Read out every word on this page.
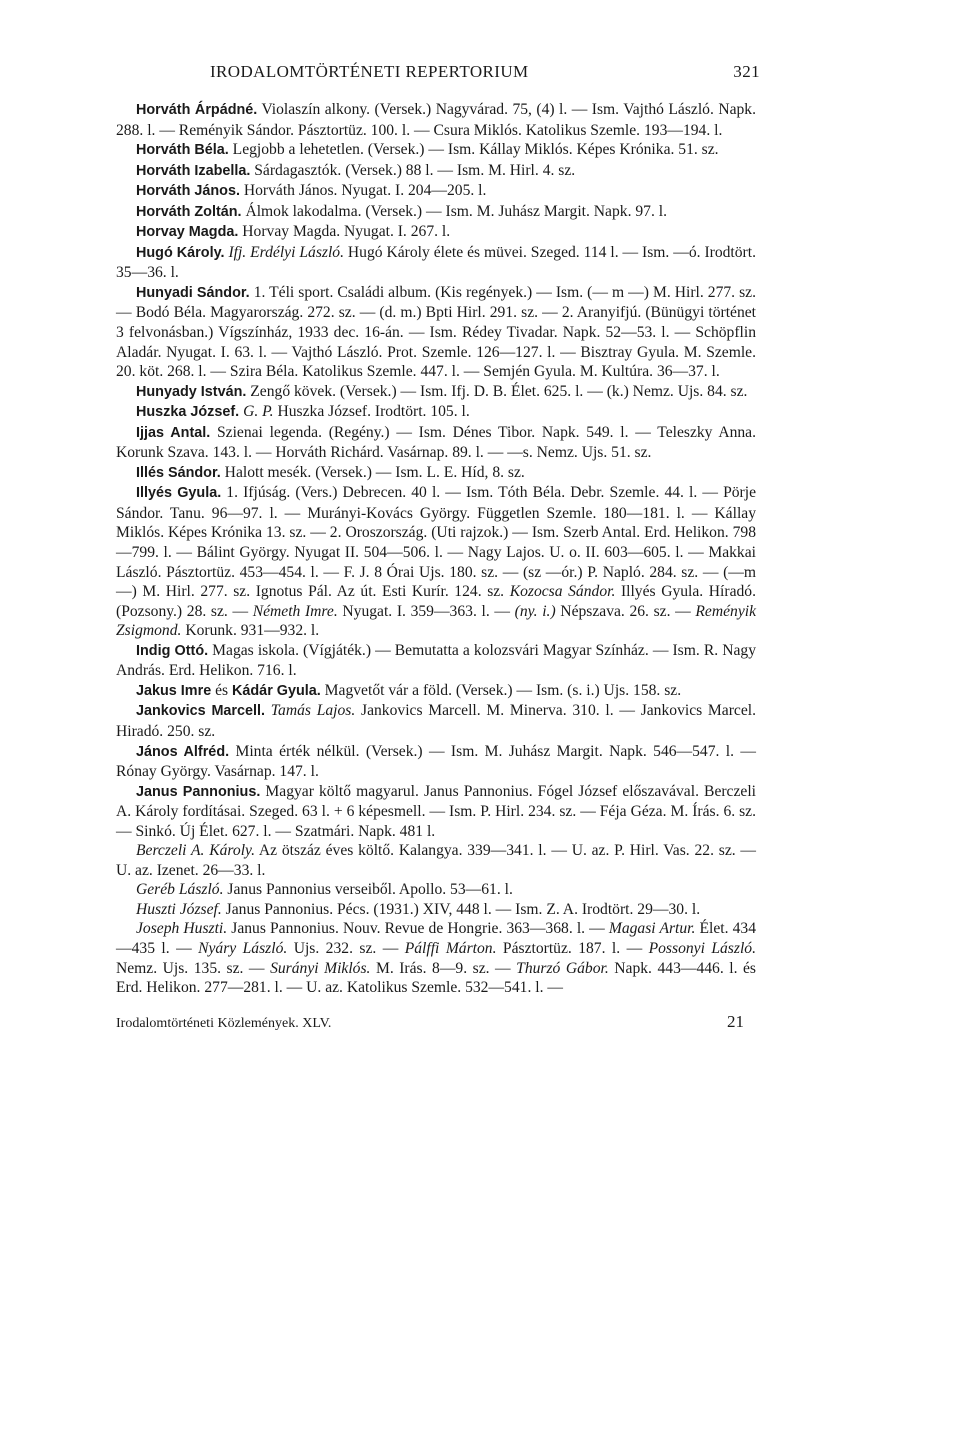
IRODALOMTÖRTÉNETI REPERTORIUM	321

Horváth Árpádné. Violaszín alkony. (Versek.) Nagyvárad. 75, (4) l. — Ism. Vajthó László. Napk. 288. l. — Reményik Sándor. Pásztortüz. 100. l. — Csura Miklós. Katolikus Szemle. 193—194. l.

Horváth Béla. Legjobb a lehetetlen. (Versek.) — Ism. Kállay Miklós. Képes Krónika. 51. sz.

Horváth Izabella. Sárdagasztók. (Versek.) 88 l. — Ism. M. Hirl. 4. sz.

Horváth János. Horváth János. Nyugat. I. 204—205. l.

Horváth Zoltán. Álmok lakodalma. (Versek.) — Ism. M. Juhász Margit. Napk. 97. l.

Horvay Magda. Horvay Magda. Nyugat. I. 267. l.

Hugó Károly. Ifj. Erdélyi László. Hugó Károly élete és müvei. Szeged. 114 l. — Ism. —ó. Irodtört. 35—36. l.

Hunyadi Sándor. 1. Téli sport. Családi album. (Kis regények.) — Ism. (— m —) M. Hirl. 277. sz. — Bodó Béla. Magyarország. 272. sz. — (d. m.) Bpti Hirl. 291. sz. — 2. Aranyifjú. (Bünügyi történet 3 felvonásban.) Vígszínház, 1933 dec. 16-án. — Ism. Rédey Tivadar. Napk. 52—53. l. — Schöpflin Aladár. Nyugat. I. 63. l. — Vajthó László. Prot. Szemle. 126—127. l. — Bisztray Gyula. M. Szemle. 20. köt. 268. l. — Szira Béla. Katolikus Szemle. 447. l. — Semjén Gyula. M. Kultúra. 36—37. l.

Hunyady István. Zengő kövek. (Versek.) — Ism. Ifj. D. B. Élet. 625. l. — (k.) Nemz. Ujs. 84. sz.

Huszka József. G. P. Huszka József. Irodtört. 105. l.

Ijjas Antal. Szienai legenda. (Regény.) — Ism. Dénes Tibor. Napk. 549. l. — Teleszky Anna. Korunk Szava. 143. l. — Horváth Richárd. Vasárnap. 89. l. — —s. Nemz. Ujs. 51. sz.

Illés Sándor. Halott mesék. (Versek.) — Ism. L. E. Híd, 8. sz.

Illyés Gyula. 1. Ifjúság. (Vers.) Debrecen. 40 l. — Ism. Tóth Béla. Debr. Szemle. 44. l. — Pörje Sándor. Tanu. 96—97. l. — Murányi-Kovács György. Független Szemle. 180—181. l. — Kállay Miklós. Képes Krónika 13. sz. — 2. Oroszország. (Uti rajzok.) — Ism. Szerb Antal. Erd. Helikon. 798—799. l. — Bálint György. Nyugat II. 504—506. l. — Nagy Lajos. U. o. II. 603—605. l. — Makkai László. Pásztortüz. 453—454. l. — F. J. 8 Órai Ujs. 180. sz. — (sz —ór.) P. Napló. 284. sz. — (—m—) M. Hirl. 277. sz. Ignotus Pál. Az út. Esti Kurír. 124. sz. Kozocsa Sándor. Illyés Gyula. Híradó. (Pozsony.) 28. sz. — Németh Imre. Nyugat. I. 359—363. l. — (ny. i.) Népszava. 26. sz. — Reményik Zsigmond. Korunk. 931—932. l.

Indig Ottó. Magas iskola. (Vígjáték.) — Bemutatta a kolozsvári Magyar Színház. — Ism. R. Nagy András. Erd. Helikon. 716. l.

Jakus Imre és Kádár Gyula. Magvetőt vár a föld. (Versek.) — Ism. (s. i.) Ujs. 158. sz.

Jankovics Marcell. Tamás Lajos. Jankovics Marcell. M. Minerva. 310. l. — Jankovics Marcel. Hiradó. 250. sz.

János Alfréd. Minta érték nélkül. (Versek.) — Ism. M. Juhász Margit. Napk. 546—547. l. — Rónay György. Vasárnap. 147. l.

Janus Pannonius. Magyar költő magyarul. Janus Pannonius. Fógel József előszavával. Berczeli A. Károly fordításai. Szeged. 63 l. + 6 képesmell. — Ism. P. Hirl. 234. sz. — Féja Géza. M. Írás. 6. sz. — Sinkó. Új Élet. 627. l. — Szatmári. Napk. 481 l.

Berczeli A. Károly. Az ötszáz éves költő. Kalangya. 339—341. l. — U. az. P. Hirl. Vas. 22. sz. — U. az. Izenet. 26—33. l.

Geréb László. Janus Pannonius verseiből. Apollo. 53—61. l.

Huszti József. Janus Pannonius. Pécs. (1931.) XIV, 448 l. — Ism. Z. A. Irodtört. 29—30. l.

Joseph Huszti. Janus Pannonius. Nouv. Revue de Hongrie. 363—368. l. — Magasi Artur. Élet. 434—435 l. — Nyáry László. Ujs. 232. sz. — Pálffi Márton. Pásztortüz. 187. l. — Possonyi László. Nemz. Ujs. 135. sz. — Surányi Miklós. M. Irás. 8—9. sz. — Thurzó Gábor. Napk. 443—446. l. és Erd. Helikon. 277—281. l. — U. az. Katolikus Szemle. 532—541. l. —

Irodalomtörténeti Közlemények. XLV.	21
